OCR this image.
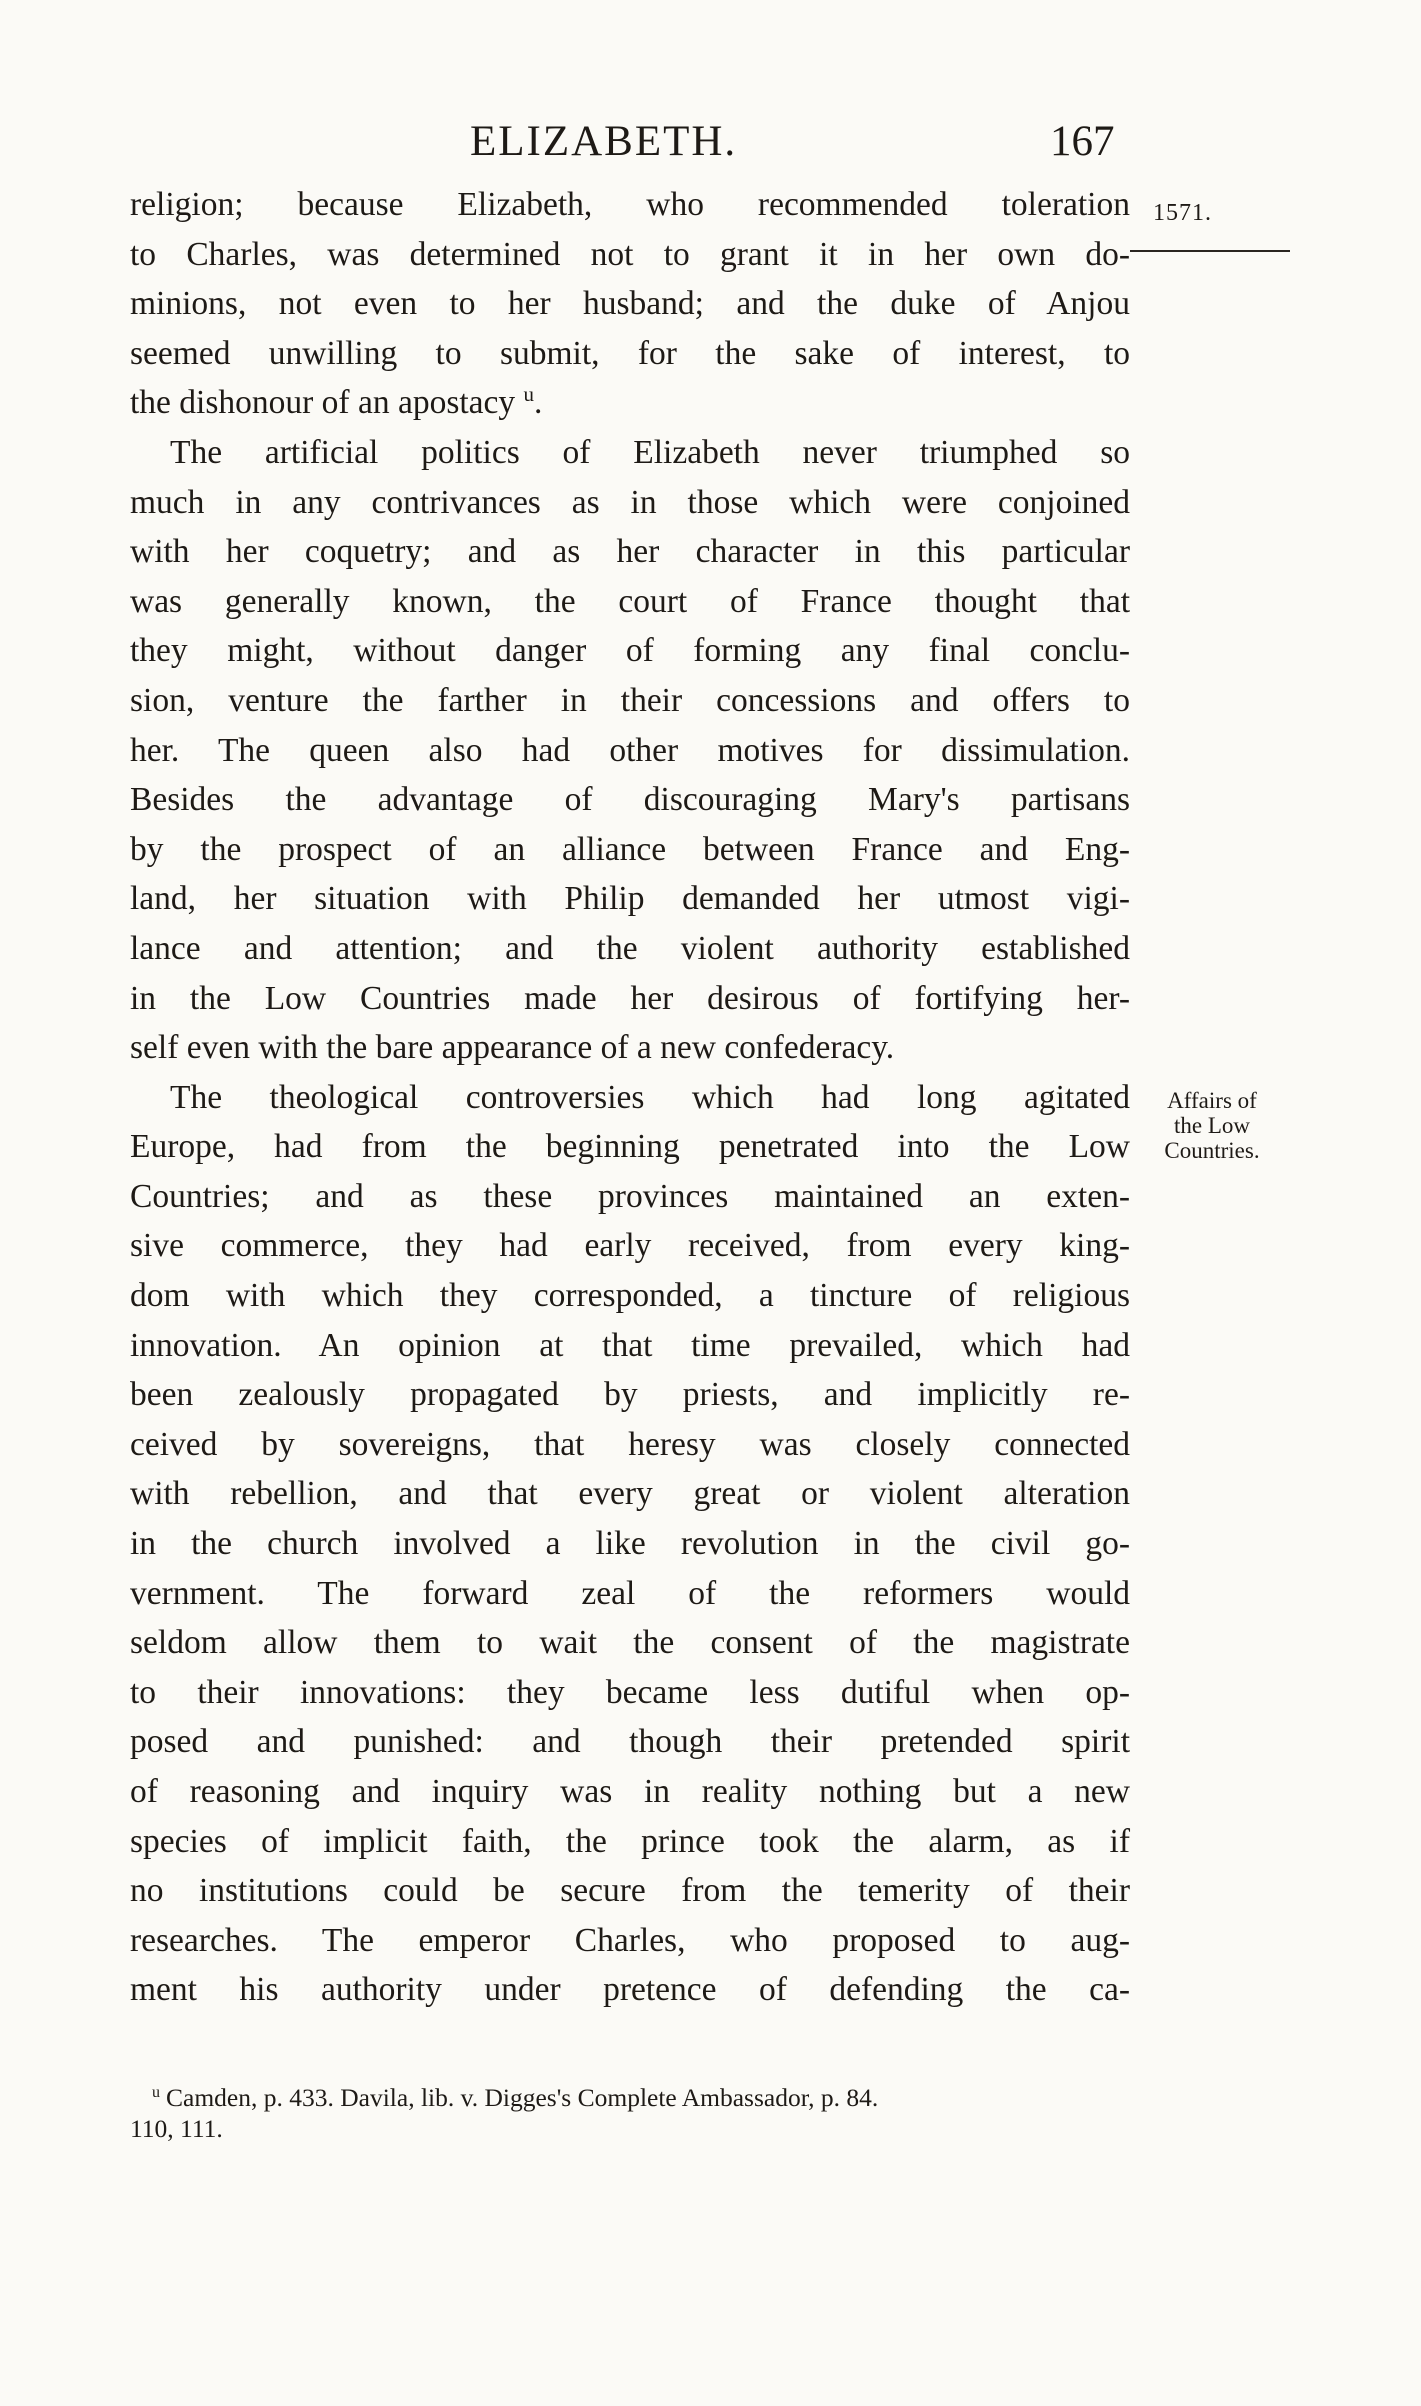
ELIZABETH.	167
1571.
Affairs of
the Low
Countries.
religion; because Elizabeth, who recommended toleration
to Charles, was determined not to grant it in her own do-
minions, not even to her husband; and the duke of Anjou
seemed unwilling to submit, for the sake of interest, to
the dishonour of an apostacy $^u$.
The artificial politics of Elizabeth never triumphed so
much in any contrivances as in those which were conjoined
with her coquetry; and as her character in this particular
was generally known, the court of France thought that
they might, without danger of forming any final conclu-
sion, venture the farther in their concessions and offers to
her. The queen also had other motives for dissimulation.
Besides the advantage of discouraging Mary's partisans
by the prospect of an alliance between France and Eng-
land, her situation with Philip demanded her utmost vigi-
lance and attention; and the violent authority established
in the Low Countries made her desirous of fortifying her-
self even with the bare appearance of a new confederacy.
The theological controversies which had long agitated
Europe, had from the beginning penetrated into the Low
Countries; and as these provinces maintained an exten-
sive commerce, they had early received, from every king-
dom with which they corresponded, a tincture of religious
innovation. An opinion at that time prevailed, which had
been zealously propagated by priests, and implicitly re-
ceived by sovereigns, that heresy was closely connected
with rebellion, and that every great or violent alteration
in the church involved a like revolution in the civil go-
vernment. The forward zeal of the reformers would
seldom allow them to wait the consent of the magistrate
to their innovations: they became less dutiful when op-
posed and punished: and though their pretended spirit
of reasoning and inquiry was in reality nothing but a new
species of implicit faith, the prince took the alarm, as if
no institutions could be secure from the temerity of their
researches. The emperor Charles, who proposed to aug-
ment his authority under pretence of defending the ca-
$^u$ Camden, p. 433. Davila, lib. v. Digges's Complete Ambassador, p. 84.
110, 111.
